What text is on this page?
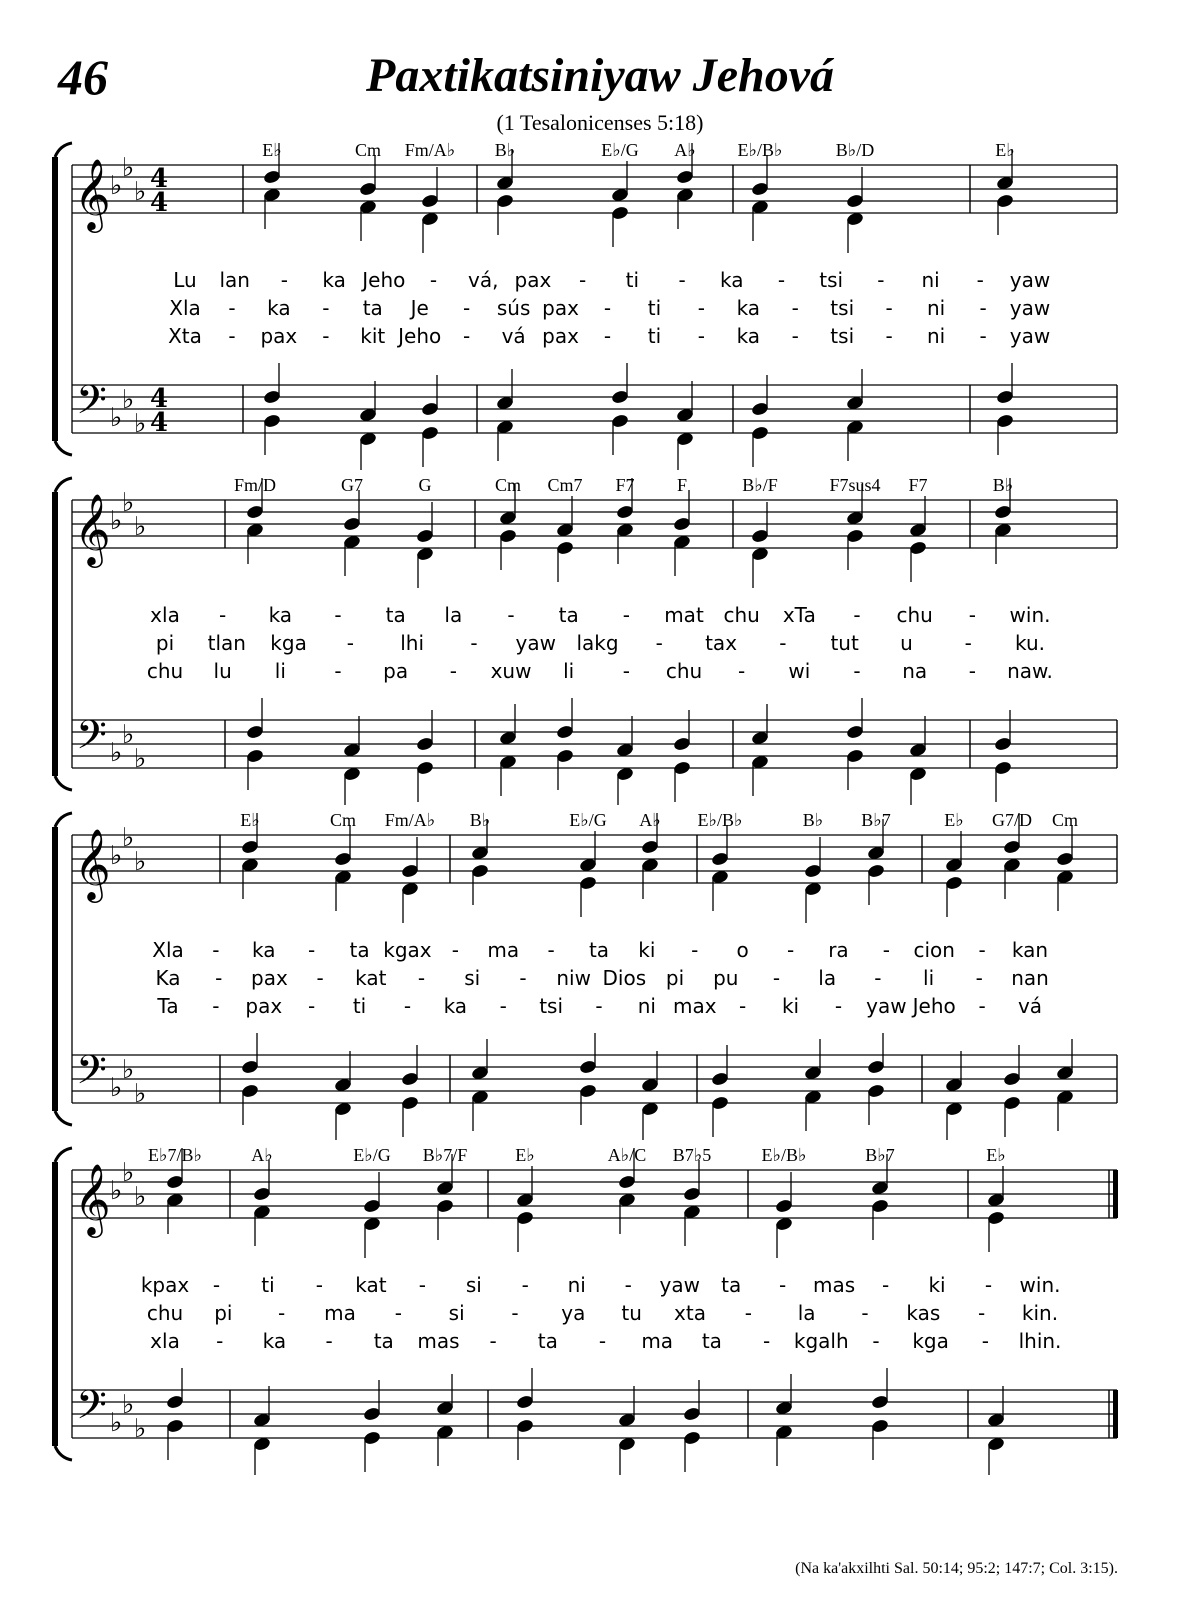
46	Paxtikatsiniyaw Jehová
(1 Tesalonicenses 5:18)
𝄞
𝄢
♭
♭
♭
♭
♭
♭
4
4
4
4
E♭	Cm Fm/A♭ B♭	E♭/G A♭ E♭/B♭	B♭/D	E♭
Lu lan - ka Jeho - vá, pax - ti - ka - tsi - ni - yaw
Xla - ka - ta Je - sús pax - ti - ka - tsi - ni - yaw
Xta - pax - kit Jeho - vá pax - ti - ka - tsi - ni - yaw
𝄞
𝄢
♭
♭
♭
♭
♭
♭
Fm/D	G7	G	Cm Cm7 F7 F	B♭/F	F7sus4 F7	B♭
xla - ka - ta la - ta - mat chu xTa - chu - win.
pi tlan kga - lhi - yaw lakg - tax - tut u	- ku.
chu lu li - pa - xuw li - chu - wi - na - naw.
𝄞
𝄢
♭
♭
♭
♭
♭
♭
E♭	Cm Fm/A♭ B♭	E♭/G A♭ E♭/B♭	B♭ B♭7	E♭ G7/D Cm
Xla - ka - ta kgax - ma - ta ki - o - ra - cion - kan
Ka - pax - kat - si - niw Dios pi pu - la - li - nan
Ta - pax - ti - ka - tsi - ni max - ki - yaw Jeho - vá
𝄞
𝄢
♭
♭
♭
♭
♭
♭
E♭7/B♭	A♭	E♭/G B♭7/F	E♭	A♭/C B7♭5	E♭/B♭	B♭7	E♭
kpax - ti - kat - si - ni - yaw ta - mas - ki - win.
chu pi - ma - si - ya tu xta - la - kas - kin.
xla - ka - ta mas - ta - ma ta - kgalh - kga - lhin.
(Na ka'akxilhti Sal. 50:14; 95:2; 147:7; Col. 3:15).
